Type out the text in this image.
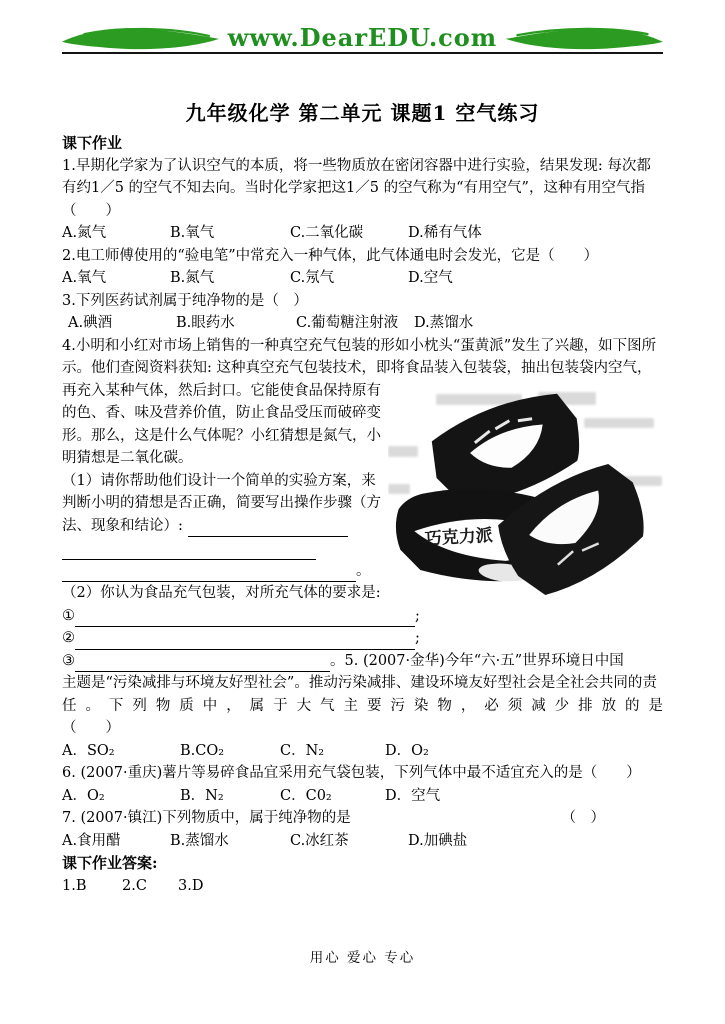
www.DearEDU.com
九年级化学 第二单元 课题1 空气练习

课下作业

1.早期化学家为了认识空气的本质，将一些物质放在密闭容器中进行实验，结果发现: 每次都有约1／5 的空气不知去向。当时化学家把这1／5 的空气称为“有用空气”，这种有用空气指
（　　）

A.氮气	B.氧气	C.二氧化碳	D.稀有气体

2.电工师傅使用的“验电笔”中常充入一种气体，此气体通电时会发光，它是（　　）

A.氧气	B.氮气	C.氖气	D.空气

3.下列医药试剂属于纯净物的是（　）

A.碘酒	B.眼药水	C.葡萄糖注射液	D.蒸馏水

4.小明和小红对市场上销售的一种真空充气包装的形如小枕头“蛋黄派”发生了兴趣，如下图所示。他们查阅资料获知: 这种真空充气包装技术，即将食品装入包装袋，抽出包装袋内空气，

再充入某种气体，然后封口。它能使食品保持原有的色、香、味及营养价值，防止食品受压而破碎变形。那么，这是什么气体呢？小红猜想是氮气，小明猜想是二氧化碳。

（1）请你帮助他们设计一个简单的实验方案，来判断小明的猜想是否正确，简要写出操作步骤（方法、现象和结论）:

。

（2）你认为食品充气包装，对所充气体的要求是:

①	;

②	;

③	。5. (2007·金华)今年“六·五”世界环境日中国

主题是“污染减排与环境友好型社会”。推动污染减排、建设环境友好型社会是全社会共同的责

任。下列物质中，属于大气主要污染物，必须减少排放的是

（　　）

A．SO₂	B.CO₂	C．N₂	D．O₂

6. (2007·重庆)薯片等易碎食品宜采用充气袋包装，下列气体中最不适宜充入的是（　　）

A．O₂	B．N₂	C．C0₂	D．空气

7. (2007·镇江)下列物质中，属于纯净物的是	（　）

A.食用醋	B.蒸馏水	C.冰红茶	D.加碘盐

课下作业答案:

1.B	2.C	3.D
巧克力派
用心 爱心 专心
